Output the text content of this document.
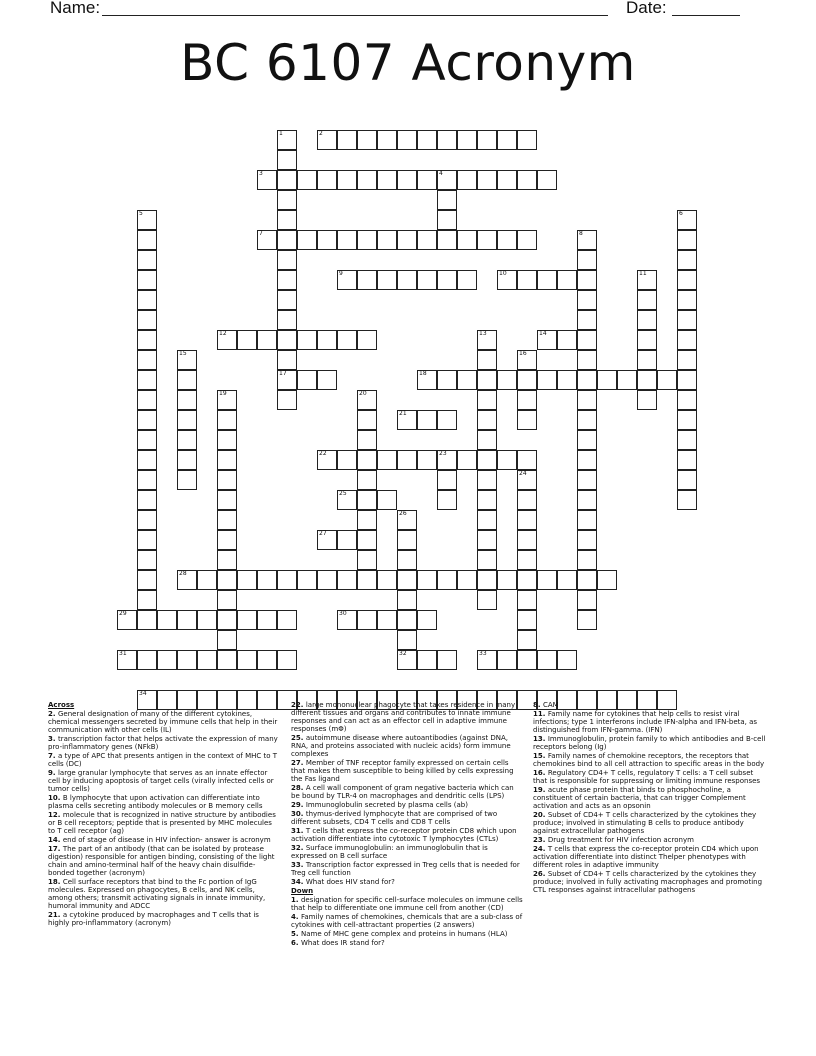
Name:	Date:
BC 6107 Acronym
2
3	4
7
9	10
12	14
17	18
21
22	23
25
27
28
29	30
31	32	33
34
1
5	6
8
11
13
15	16
19	20
24
26
Across
2. General designation of many of the different cytokines, chemical messengers secreted by immune cells that help in their communication with other cells (IL)
3. transcription factor that helps activate the expression of many pro-inflammatory genes (NFkB)
7. a type of APC that presents antigen in the context of MHC to T cells (DC)
9. large granular lymphocyte that serves as an innate effector cell by inducing apoptosis of target cells (virally infected cells or tumor cells)
10. B lymphocyte that upon activation can differentiate into plasma cells secreting antibody molecules or B memory cells
12. molecule that is recognized in native structure by antibodies or B cell receptors; peptide that is presented by MHC molecules to T cell receptor (ag)
14. end of stage of disease in HIV infection- answer is acronym
17. The part of an antibody (that can be isolated by protease digestion) responsible for antigen binding, consisting of the light chain and amino-terminal half of the heavy chain disulfide-bonded together (acronym)
18. Cell surface receptors that bind to the Fc portion of IgG molecules. Expressed on phagocytes, B cells, and NK cells, among others; transmit activating signals in innate immunity, humoral immunity and ADCC
21. a cytokine produced by macrophages and T cells that is highly pro-inflammatory (acronym)
22. large mononuclear phagocyte that takes residence in many different tissues and organs and contributes to innate immune responses and can act as an effector cell in adaptive immune responses (mΦ)
25. autoimmune disease where autoantibodies (against DNA, RNA, and proteins associated with nucleic acids) form immune complexes
27. Member of TNF receptor family expressed on certain cells that makes them susceptible to being killed by cells expressing the Fas ligand
28. A cell wall component of gram negative bacteria which can be bound by TLR-4 on macrophages and dendritic cells (LPS)
29. Immunoglobulin secreted by plasma cells (ab)
30. thymus-derived lymphocyte that are comprised of two different subsets, CD4 T cells and CD8 T cells
31. T cells that express the co-receptor protein CD8 which upon activation differentiate into cytotoxic T lymphocytes (CTLs)
32. Surface immunoglobulin: an immunoglobulin that is expressed on B cell surface
33. Transcription factor expressed in Treg cells that is needed for Treg cell function
34. What does HIV stand for?
Down
1. designation for specific cell-surface molecules on immune cells that help to differentiate one immune cell from another (CD)
4. Family names of chemokines, chemicals that are a sub-class of cytokines with cell-attractant properties (2 answers)
5. Name of MHC gene complex and proteins in humans (HLA)
6. What does IR stand for?
8. CAM
11. Family name for cytokines that help cells to resist viral infections; type 1 interferons include IFN-alpha and IFN-beta, as distinguished from IFN-gamma. (IFN)
13. Immunoglobulin, protein family to which antibodies and B-cell receptors belong (Ig)
15. Family names of chemokine receptors, the receptors that chemokines bind to all cell attraction to specific areas in the body
16. Regulatory CD4+ T cells, regulatory T cells: a T cell subset that is responsible for suppressing or limiting immune responses
19. acute phase protein that binds to phosphocholine, a constituent of certain bacteria, that can trigger Complement activation and acts as an opsonin
20. Subset of CD4+ T cells characterized by the cytokines they produce; involved in stimulating B cells to produce antibody against extracellular pathogens
23. Drug treatment for HIV infection acronym
24. T cells that express the co-receptor protein CD4 which upon activation differentiate into distinct Thelper phenotypes with different roles in adaptive immunity
26. Subset of CD4+ T cells characterized by the cytokines they produce; involved in fully activating macrophages and promoting CTL responses against intracellular pathogens
